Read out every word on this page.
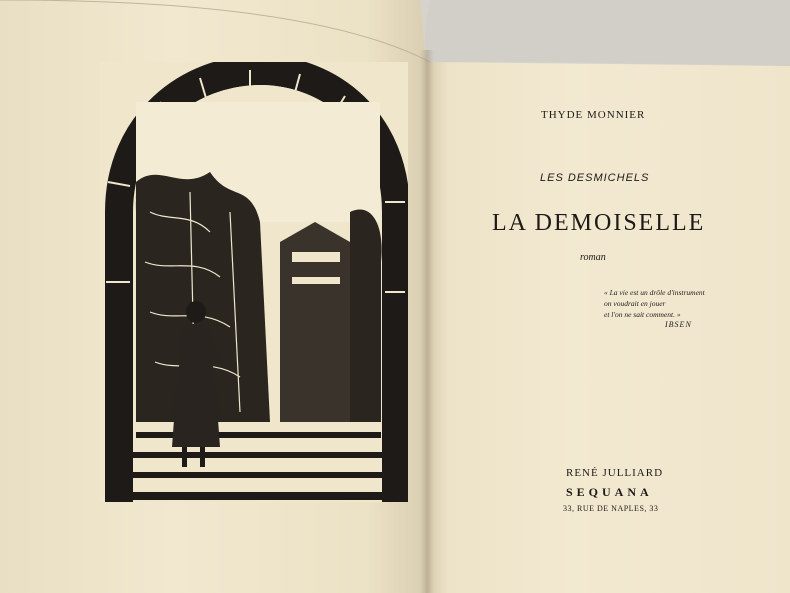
THYDE MONNIER
LES DESMICHELS
LA DEMOISELLE
roman
« La vie est un drôle d'instrument
on voudrait en jouer
et l'on ne sait comment. »
IBSEN
RENÉ JULLIARD
SEQUANA
33, RUE DE NAPLES, 33
